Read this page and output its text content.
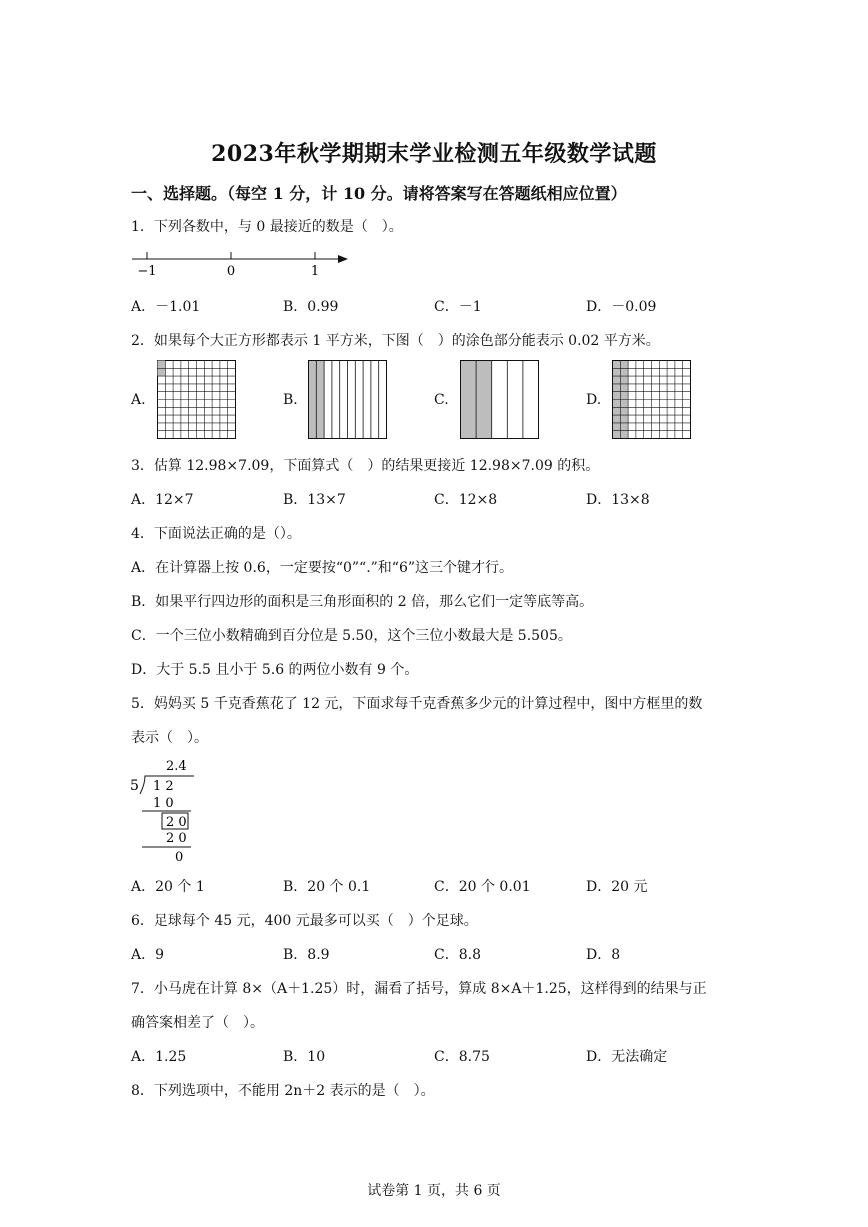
2023年秋学期期末学业检测五年级数学试题
一、选择题。（每空 1 分，计 10 分。请将答案写在答题纸相应位置）
1．下列各数中，与 0 最接近的数是（　）。
−1	0	1
A．－1.01	B．0.99	C．－1	D．－0.09
2．如果每个大正方形都表示 1 平方米，下图（　）的涂色部分能表示 0.02 平方米。
A.	B.	C.	D.
3．估算 12.98×7.09，下面算式（　）的结果更接近 12.98×7.09 的积。
A．12×7	B．13×7	C．12×8	D．13×8
4．下面说法正确的是（）。
A．在计算器上按 0.6，一定要按“0”“.”和“6”这三个键才行。
B．如果平行四边形的面积是三角形面积的 2 倍，那么它们一定等底等高。
C．一个三位小数精确到百分位是 5.50，这个三位小数最大是 5.505。
D．大于 5.5 且小于 5.6 的两位小数有 9 个。
5．妈妈买 5 千克香蕉花了 12 元，下面求每千克香蕉多少元的计算过程中，图中方框里的数
表示（　）。
2.4
5 1 2
1 0
2 0
2 0
0
A．20 个 1	B．20 个 0.1	C．20 个 0.01	D．20 元
6．足球每个 45 元，400 元最多可以买（　）个足球。
A．9	B．8.9	C．8.8	D．8
7．小马虎在计算 8×（A＋1.25）时，漏看了括号，算成 8×A＋1.25，这样得到的结果与正
确答案相差了（　）。
A．1.25	B．10	C．8.75	D．无法确定
8．下列选项中，不能用 2n＋2 表示的是（　）。
试卷第 1 页，共 6 页
